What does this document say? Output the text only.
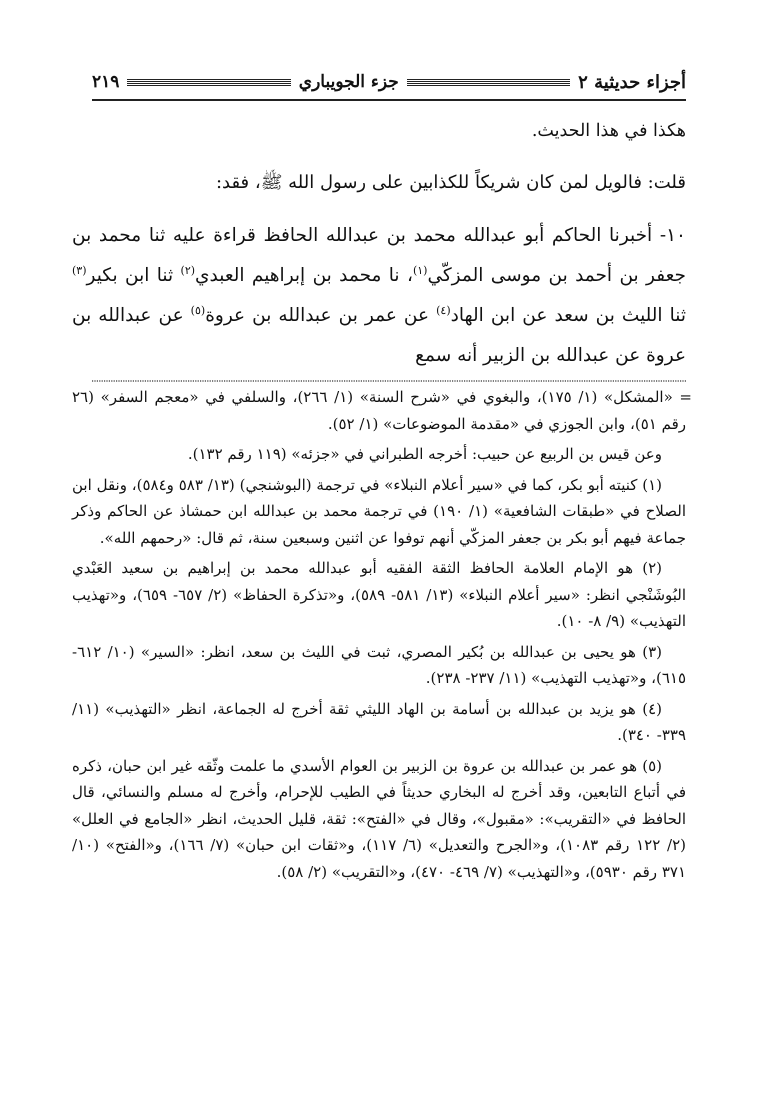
أجزاء حديثية ٢
جزء الجويباري
٢١٩

هكذا في هذا الحديث.

قلت: فالويل لمن كان شريكاً للكذابين على رسول الله ﷺ، فقد:

١٠- أخبرنا الحاكم أبو عبدالله محمد بن عبدالله الحافظ قراءة عليه ثنا محمد بن جعفر بن أحمد بن موسى المزكّي$^{(١)}$، نا محمد بن إبراهيم العبدي$^{(٢)}$ ثنا ابن بكير$^{(٣)}$ ثنا الليث بن سعد عن ابن الهاد$^{(٤)}$ عن عمر بن عبدالله بن عروة$^{(٥)}$ عن عبدالله بن عروة عن عبدالله بن الزبير أنه سمع

= «المشكل» (١/ ١٧٥)، والبغوي في «شرح السنة» (١/ ٢٦٦)، والسلفي في «معجم السفر» (٢٦ رقم ٥١)، وابن الجوزي في «مقدمة الموضوعات» (١/ ٥٢).

وعن قيس بن الربيع عن حبيب: أخرجه الطبراني في «جزئه» (١١٩ رقم ١٣٢).

(١) كنيته أبو بكر، كما في «سير أعلام النبلاء» في ترجمة (البوشنجي) (١٣/ ٥٨٣ و٥٨٤)، ونقل ابن الصلاح في «طبقات الشافعية» (١/ ١٩٠) في ترجمة محمد بن عبدالله ابن حمشاذ عن الحاكم وذكر جماعة فيهم أبو بكر بن جعفر المزكّي أنهم توفوا عن اثنين وسبعين سنة، ثم قال: «رحمهم الله».

(٢) هو الإمام العلامة الحافظ الثقة الفقيه أبو عبدالله محمد بن إبراهيم بن سعيد العَبْدي البُوشَنْجي انظر: «سير أعلام النبلاء» (١٣/ ٥٨١- ٥٨٩)، و«تذكرة الحفاظ» (٢/ ٦٥٧- ٦٥٩)، و«تهذيب التهذيب» (٩/ ٨- ١٠).

(٣) هو يحيى بن عبدالله بن بُكير المصري، ثبت في الليث بن سعد، انظر: «السير» (١٠/ ٦١٢- ٦١٥)، و«تهذيب التهذيب» (١١/ ٢٣٧- ٢٣٨).

(٤) هو يزيد بن عبدالله بن أسامة بن الهاد الليثي ثقة أخرج له الجماعة، انظر «التهذيب» (١١/ ٣٣٩- ٣٤٠).

(٥) هو عمر بن عبدالله بن عروة بن الزبير بن العوام الأسدي ما علمت وثّقه غير ابن حبان، ذكره في أتباع التابعين، وقد أخرج له البخاري حديثاً في الطيب للإحرام، وأخرج له مسلم والنسائي، قال الحافظ في «التقريب»: «مقبول»، وقال في «الفتح»: ثقة، قليل الحديث، انظر «الجامع في العلل» (٢/ ١٢٢ رقم ١٠٨٣)، و«الجرح والتعديل» (٦/ ١١٧)، و«ثقات ابن حبان» (٧/ ١٦٦)، و«الفتح» (١٠/ ٣٧١ رقم ٥٩٣٠)، و«التهذيب» (٧/ ٤٦٩- ٤٧٠)، و«التقريب» (٢/ ٥٨).
